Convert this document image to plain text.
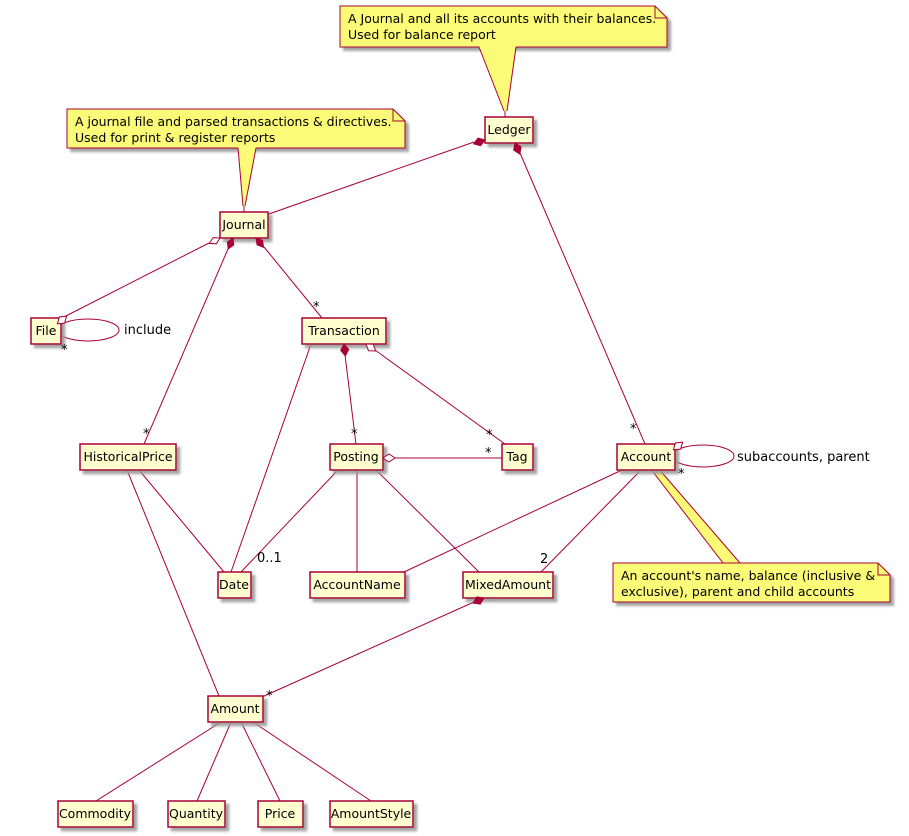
A Journal and all its accounts with their balances.
Used for balance report
A journal file and parsed transactions & directives.
Used for print & register reports
An account's name, balance (inclusive &
exclusive), parent and child accounts
Ledger
Journal
File	Transaction
HistoricalPrice	Posting	Tag	Account
Date	AccountName	MixedAmount
Amount
Commodity	Quantity	Price	AmountStyle
*
*
*
include
*	*
*
0..1	2
*
*
subaccounts, parent
*
